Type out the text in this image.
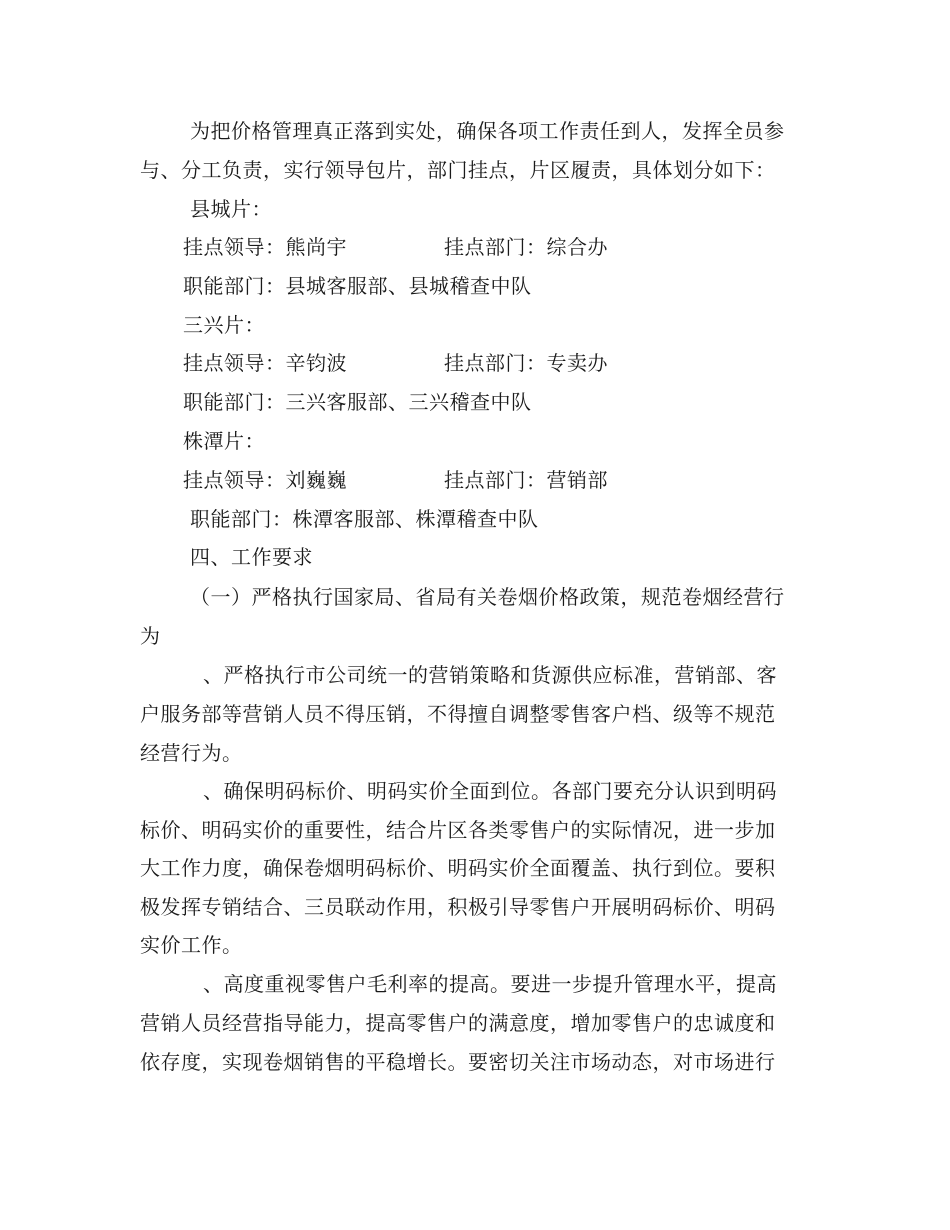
为把价格管理真正落到实处，确保各项工作责任到人，发挥全员参
与、分工负责，实行领导包片，部门挂点，片区履责，具体划分如下：
县城片：
挂点领导：熊尚宇	挂点部门：综合办
职能部门：县城客服部、县城稽查中队
三兴片：
挂点领导：辛钧波	挂点部门：专卖办
职能部门：三兴客服部、三兴稽查中队
株潭片：
挂点领导：刘巍巍	挂点部门：营销部
职能部门：株潭客服部、株潭稽查中队
四、工作要求
（一）严格执行国家局、省局有关卷烟价格政策，规范卷烟经营行
为
、严格执行市公司统一的营销策略和货源供应标准，营销部、客
户服务部等营销人员不得压销，不得擅自调整零售客户档、级等不规范
经营行为。
、确保明码标价、明码实价全面到位。各部门要充分认识到明码
标价、明码实价的重要性，结合片区各类零售户的实际情况，进一步加
大工作力度，确保卷烟明码标价、明码实价全面覆盖、执行到位。要积
极发挥专销结合、三员联动作用，积极引导零售户开展明码标价、明码
实价工作。
、高度重视零售户毛利率的提高。要进一步提升管理水平，提高
营销人员经营指导能力，提高零售户的满意度，增加零售户的忠诚度和
依存度，实现卷烟销售的平稳增长。要密切关注市场动态，对市场进行
